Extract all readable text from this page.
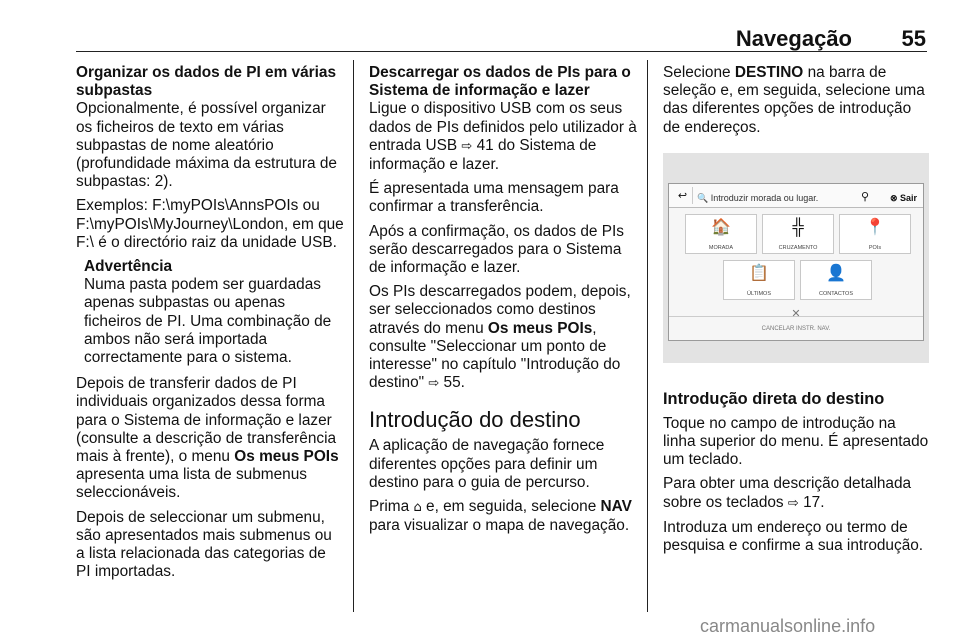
Navegação 55
Organizar os dados de PI em várias subpastas

Opcionalmente, é possível organizar os ficheiros de texto em várias subpastas de nome aleatório (profundidade máxima da estrutura de subpastas: 2).

Exemplos: F:\myPOIs\AnnsPOIs ou F:\myPOIs\MyJourney\London, em que F:\ é o directório raiz da unidade USB.

Advertência
Numa pasta podem ser guardadas apenas subpastas ou apenas ficheiros de PI. Uma combinação de ambos não será importada correctamente para o sistema.

Depois de transferir dados de PI individuais organizados dessa forma para o Sistema de informação e lazer (consulte a descrição de transferência mais à frente), o menu Os meus POIs apresenta uma lista de submenus seleccionáveis.

Depois de seleccionar um submenu, são apresentados mais submenus ou a lista relacionada das categorias de PI importadas.

Descarregar os dados de PIs para o Sistema de informação e lazer

Ligue o dispositivo USB com os seus dados de PIs definidos pelo utilizador à entrada USB ⇨ 41 do Sistema de informação e lazer.

É apresentada uma mensagem para confirmar a transferência.

Após a confirmação, os dados de PIs serão descarregados para o Sistema de informação e lazer.

Os PIs descarregados podem, depois, ser seleccionados como destinos através do menu Os meus POIs, consulte "Seleccionar um ponto de interesse" no capítulo "Introdução do destino" ⇨ 55.

Introdução do destino

A aplicação de navegação fornece diferentes opções para definir um destino para o guia de percurso.

Prima ⌂ e, em seguida, selecione NAV para visualizar o mapa de navegação.

Selecione DESTINO na barra de seleção e, em seguida, selecione uma das diferentes opções de introdução de endereços.

↩	🔍 Introduzir morada ou lugar.	⚲ ⊗ Sair
🏠
MORADA
╬
CRUZAMENTO
📍
POIs
📋
ÚLTIMOS
👤
CONTACTOS
✕
CANCELAR INSTR. NAV.
Introdução direta do destino

Toque no campo de introdução na linha superior do menu. É apresentado um teclado.

Para obter uma descrição detalhada sobre os teclados ⇨ 17.

Introduza um endereço ou termo de pesquisa e confirme a sua introdução.

carmanualsonline.info
